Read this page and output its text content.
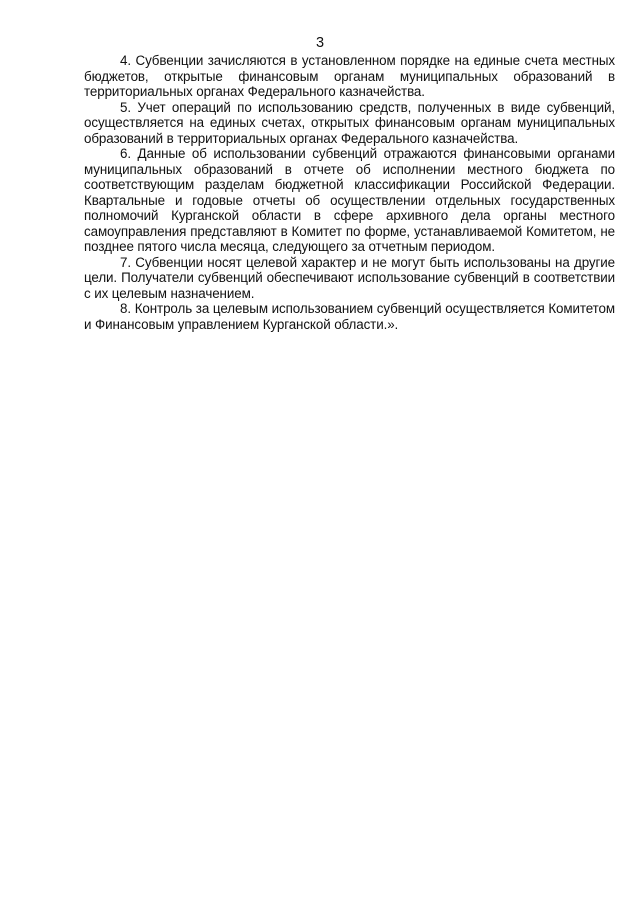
3

4. Субвенции зачисляются в установленном порядке на единые счета местных бюджетов, открытые финансовым органам муниципальных образований в территориальных органах Федерального казначейства.

5. Учет операций по использованию средств, полученных в виде субвенций, осуществляется на единых счетах, открытых финансовым органам муниципальных образований в территориальных органах Федерального казначейства.

6. Данные об использовании субвенций отражаются финансовыми органами муниципальных образований в отчете об исполнении местного бюджета по соответствующим разделам бюджетной классификации Российской Федерации. Квартальные и годовые отчеты об осуществлении отдельных государственных полномочий Курганской области в сфере архивного дела органы местного самоуправления представляют в Комитет по форме, устанавливаемой Комитетом, не позднее пятого числа месяца, следующего за отчетным периодом.

7. Субвенции носят целевой характер и не могут быть использованы на другие цели. Получатели субвенций обеспечивают использование субвенций в соответствии с их целевым назначением.

8. Контроль за целевым использованием субвенций осуществляется Комитетом и Финансовым управлением Курганской области.».
